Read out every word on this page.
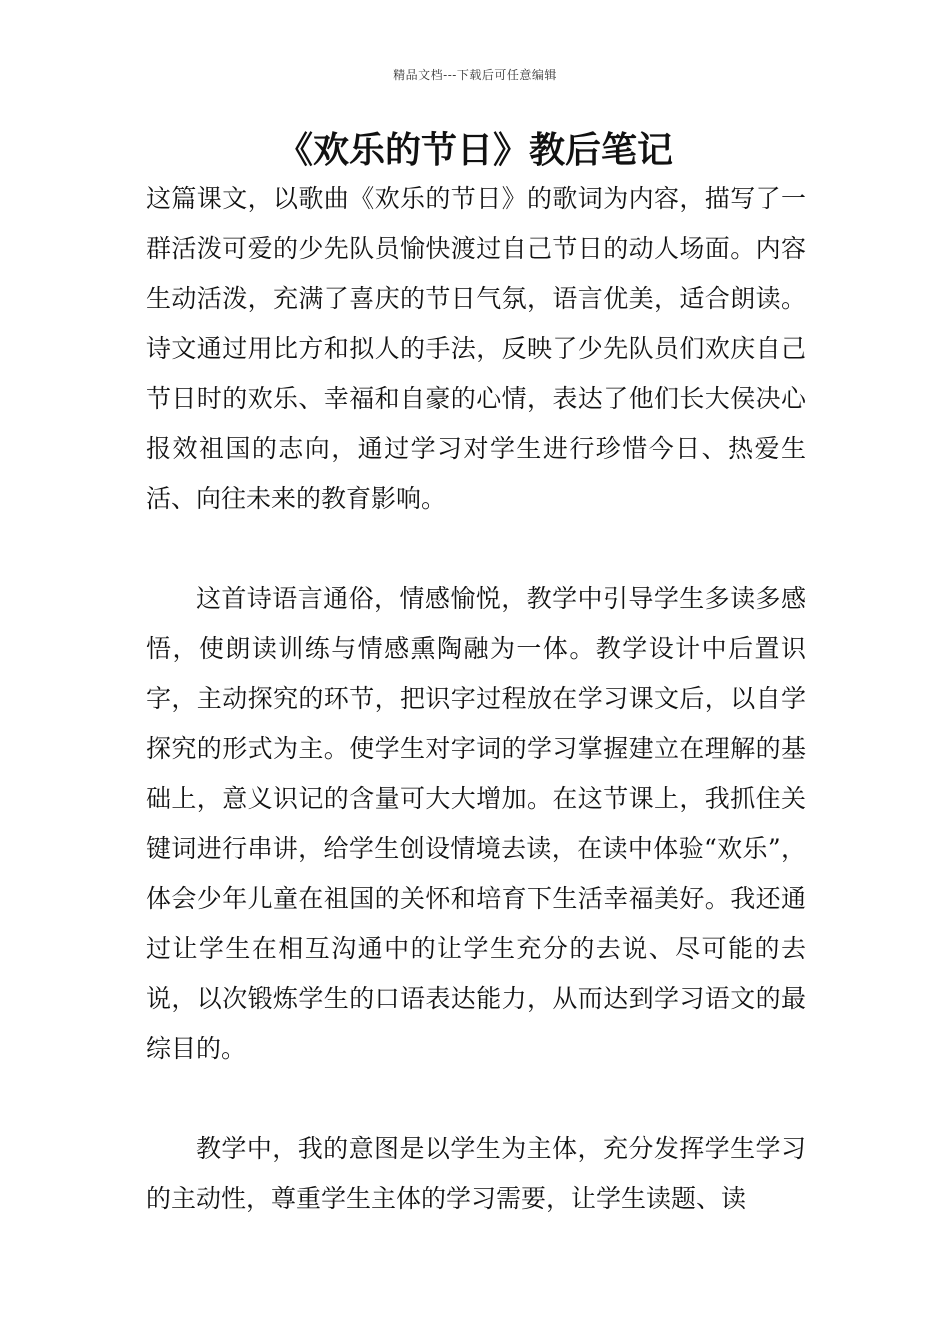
精品文档---下载后可任意编辑
《欢乐的节日》教后笔记

这篇课文，以歌曲《欢乐的节日》的歌词为内容，描写了一群活泼可爱的少先队员愉快渡过自己节日的动人场面。内容生动活泼，充满了喜庆的节日气氛，语言优美，适合朗读。诗文通过用比方和拟人的手法，反映了少先队员们欢庆自己节日时的欢乐、幸福和自豪的心情，表达了他们长大侯决心报效祖国的志向，通过学习对学生进行珍惜今日、热爱生活、向往未来的教育影响。

这首诗语言通俗，情感愉悦，教学中引导学生多读多感悟，使朗读训练与情感熏陶融为一体。教学设计中后置识字，主动探究的环节，把识字过程放在学习课文后，以自学探究的形式为主。使学生对字词的学习掌握建立在理解的基础上，意义识记的含量可大大增加。在这节课上，我抓住关键词进行串讲，给学生创设情境去读，在读中体验“欢乐”，体会少年儿童在祖国的关怀和培育下生活幸福美好。我还通过让学生在相互沟通中的让学生充分的去说、尽可能的去说，以次锻炼学生的口语表达能力，从而达到学习语文的最综目的。

教学中，我的意图是以学生为主体，充分发挥学生学习的主动性，尊重学生主体的学习需要，让学生读题、读
